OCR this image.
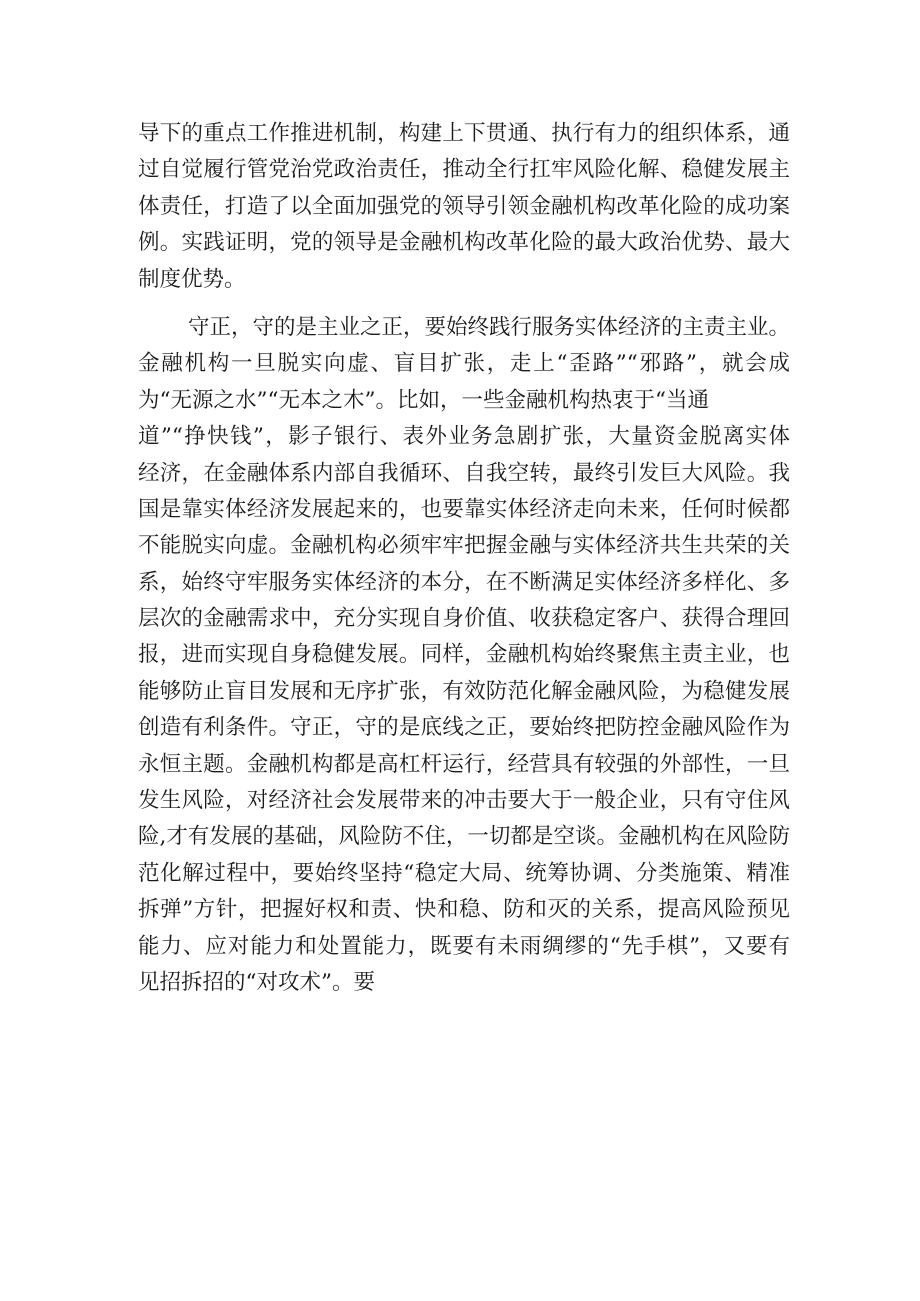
导下的重点工作推进机制，构建上下贯通、执行有力的组织体系，通
过自觉履行管党治党政治责任，推动全行扛牢风险化解、稳健发展主
体责任，打造了以全面加强党的领导引领金融机构改革化险的成功案
例。实践证明，党的领导是金融机构改革化险的最大政治优势、最大
制度优势。
守正，守的是主业之正，要始终践行服务实体经济的主责主业。
金融机构一旦脱实向虚、盲目扩张，走上“歪路”“邪路”，就会成
为“无源之水”“无本之木”。比如，一些金融机构热衷于“当通
道”“挣快钱”，影子银行、表外业务急剧扩张，大量资金脱离实体
经济，在金融体系内部自我循环、自我空转，最终引发巨大风险。我
国是靠实体经济发展起来的，也要靠实体经济走向未来，任何时候都
不能脱实向虚。金融机构必须牢牢把握金融与实体经济共生共荣的关
系，始终守牢服务实体经济的本分，在不断满足实体经济多样化、多
层次的金融需求中，充分实现自身价值、收获稳定客户、获得合理回
报，进而实现自身稳健发展。同样，金融机构始终聚焦主责主业，也
能够防止盲目发展和无序扩张，有效防范化解金融风险，为稳健发展
创造有利条件。守正，守的是底线之正，要始终把防控金融风险作为
永恒主题。金融机构都是高杠杆运行，经营具有较强的外部性，一旦
发生风险，对经济社会发展带来的冲击要大于一般企业，只有守住风
险,才有发展的基础，风险防不住，一切都是空谈。金融机构在风险防
范化解过程中，要始终坚持“稳定大局、统筹协调、分类施策、精准
拆弹”方针，把握好权和责、快和稳、防和灭的关系，提高风险预见
能力、应对能力和处置能力，既要有未雨绸缪的“先手棋”，又要有
见招拆招的“对攻术”。要
